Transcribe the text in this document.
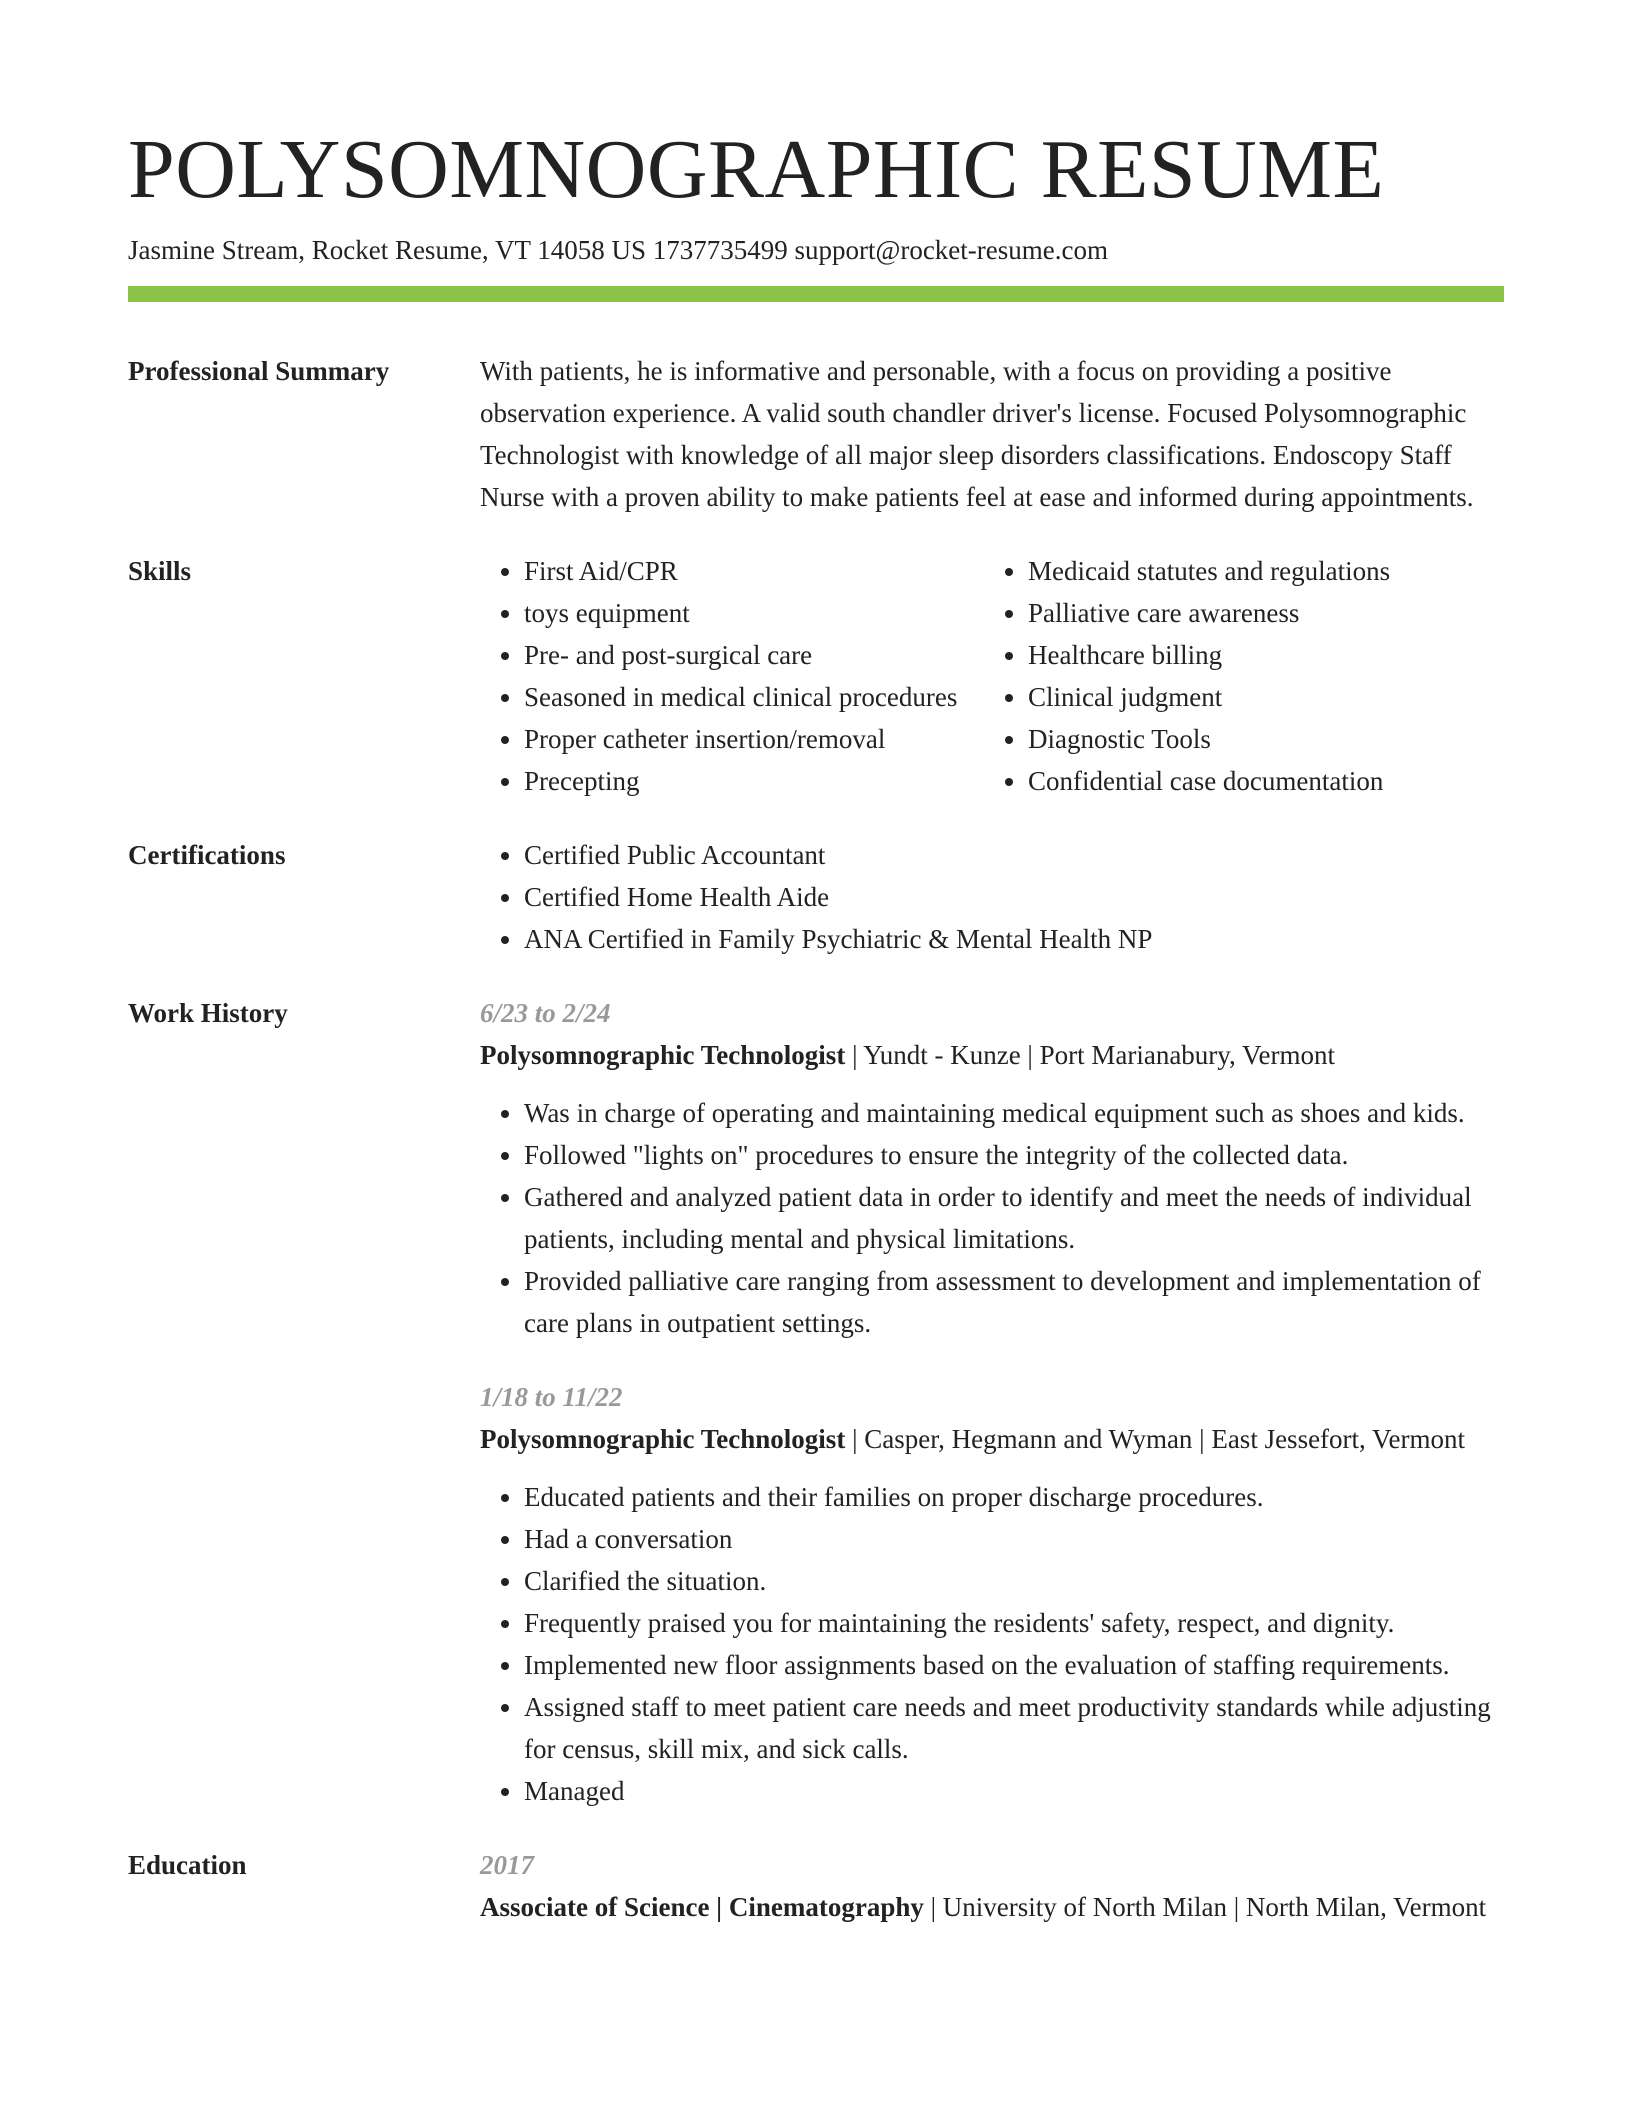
POLYSOMNOGRAPHIC RESUME
Jasmine Stream, Rocket Resume, VT 14058 US 1737735499 support@rocket-resume.com
Professional Summary	With patients, he is informative and personable, with a focus on providing a positive observation experience. A valid south chandler driver's license. Focused Polysomnographic Technologist with knowledge of all major sleep disorders classifications. Endoscopy Staff Nurse with a proven ability to make patients feel at ease and informed during appointments.

Skills	• First Aid/CPR
• toys equipment
• Pre- and post-surgical care
• Seasoned in medical clinical procedures
• Proper catheter insertion/removal
• Precepting
• Medicaid statutes and regulations
• Palliative care awareness
• Healthcare billing
• Clinical judgment
• Diagnostic Tools
• Confidential case documentation
Certifications	• Certified Public Accountant
• Certified Home Health Aide
• ANA Certified in Family Psychiatric & Mental Health NP
Work History	6/23 to 2/24
Polysomnographic Technologist | Yundt - Kunze | Port Marianabury, Vermont
• Was in charge of operating and maintaining medical equipment such as shoes and kids.
• Followed "lights on" procedures to ensure the integrity of the collected data.
• Gathered and analyzed patient data in order to identify and meet the needs of individual patients, including mental and physical limitations.
• Provided palliative care ranging from assessment to development and implementation of care plans in outpatient settings.
1/18 to 11/22
Polysomnographic Technologist | Casper, Hegmann and Wyman | East Jessefort, Vermont
• Educated patients and their families on proper discharge procedures.
• Had a conversation
• Clarified the situation.
• Frequently praised you for maintaining the residents' safety, respect, and dignity.
• Implemented new floor assignments based on the evaluation of staffing requirements.
• Assigned staff to meet patient care needs and meet productivity standards while adjusting for census, skill mix, and sick calls.
• Managed
Education	2017
Associate of Science | Cinematography | University of North Milan | North Milan, Vermont
